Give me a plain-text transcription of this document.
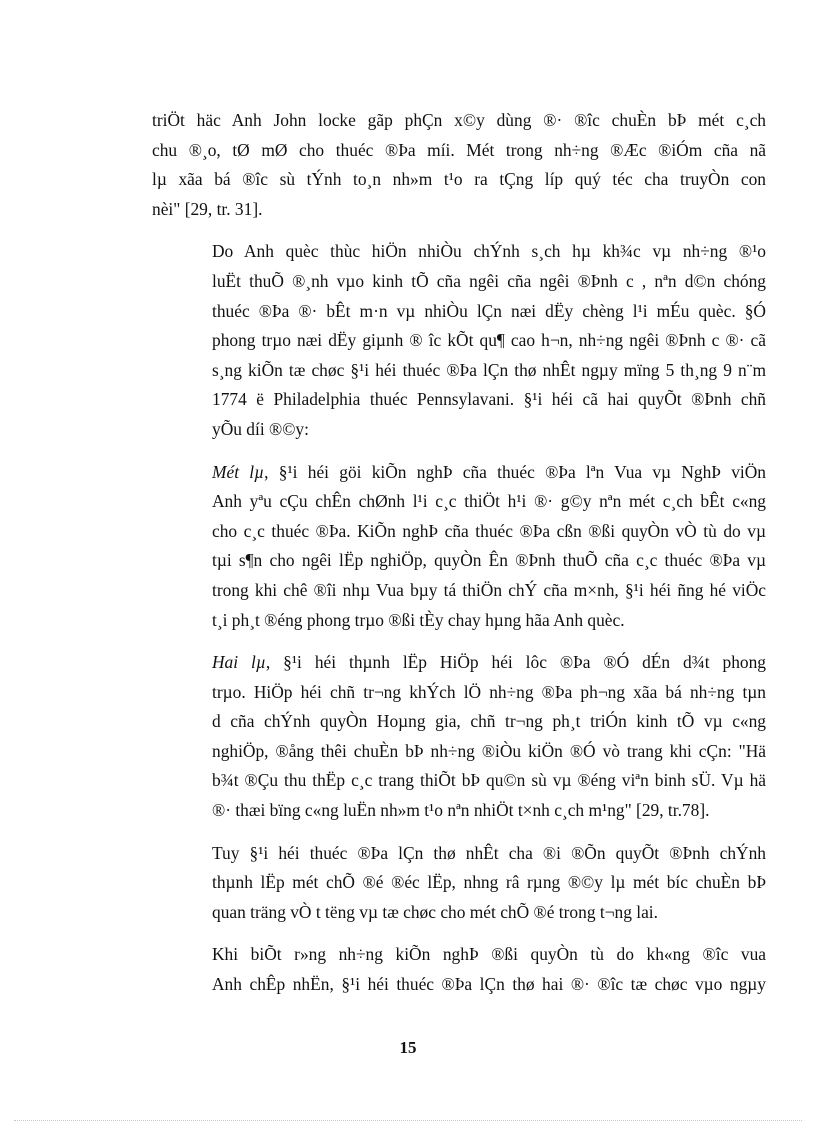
triÖt häc Anh John locke gãp phÇn x©y dùng ®· ®îc chuÈn bÞ mét c¸ch
chu ®¸o, tØ mØ cho thuéc ®Þa míi. Mét trong nh÷ng ®Æc ®iÓm cña nã
lµ xãa bá ®îc sù tÝnh to¸n nh»m t¹o ra tÇng líp quý téc cha truyÒn con
nèi" [29, tr. 31].

Do Anh quèc thùc hiÖn nhiÒu chÝnh s¸ch hµ kh¾c vµ nh÷ng ®¹o
luËt thuÕ ®¸nh vµo kinh tÕ cña ngêi cña ngêi ®Þnh c , nªn d©n chóng
thuéc ®Þa ®· bÊt m·n vµ nhiÒu lÇn næi dËy chèng l¹i mÉu quèc. §Ó
phong trµo næi dËy giµnh ® îc kÕt qu¶ cao h¬n, nh÷ng ngêi ®Þnh c ®· cã
s¸ng kiÕn tæ chøc §¹i héi thuéc ®Þa lÇn thø nhÊt ngµy mïng 5 th¸ng 9 n¨m
1774 ë Philadelphia thuéc Pennsylavani. §¹i héi cã hai quyÕt ®Þnh chñ
yÕu díi ®©y:

Mét lµ, §¹i héi göi kiÕn nghÞ cña thuéc ®Þa lªn Vua vµ NghÞ viÖn
Anh yªu cÇu chÊn chØnh l¹i c¸c thiÖt h¹i ®· g©y nªn mét c¸ch bÊt c«ng
cho c¸c thuéc ®Þa. KiÕn nghÞ cña thuéc ®Þa cßn ®ßi quyÒn vÒ tù do vµ
tµi s¶n cho ngêi lËp nghiÖp, quyÒn Ên ®Þnh thuÕ cña c¸c thuéc ®Þa vµ
trong khi chê ®îi nhµ Vua bµy tá thiÖn chÝ cña m×nh, §¹i héi ñng hé viÖc
t¸i ph¸t ®éng phong trµo ®ßi tÈy chay hµng hãa Anh quèc.

Hai lµ, §¹i héi thµnh lËp HiÖp héi lôc ®Þa ®Ó dÉn d¾t phong
trµo. HiÖp héi chñ tr¬ng khÝch lÖ nh÷ng ®Þa ph¬ng xãa bá nh÷ng tµn
d cña chÝnh quyÒn Hoµng gia, chñ tr¬ng ph¸t triÓn kinh tÕ vµ c«ng
nghiÖp, ®ång thêi chuÈn bÞ nh÷ng ®iÒu kiÖn ®Ó vò trang khi cÇn: "Hä
b¾t ®Çu thu thËp c¸c trang thiÕt bÞ qu©n sù vµ ®éng viªn binh sÜ. Vµ hä
®· thæi bïng c«ng luËn nh»m t¹o nªn nhiÖt t×nh c¸ch m¹ng" [29, tr.78].

Tuy §¹i héi thuéc ®Þa lÇn thø nhÊt cha ®i ®Õn quyÕt ®Þnh chÝnh
thµnh lËp mét chÕ ®é ®éc lËp, nhng râ rµng ®©y lµ mét bíc chuÈn bÞ
quan träng vÒ t tëng vµ tæ chøc cho mét chÕ ®é trong t¬ng lai.

Khi biÕt r»ng nh÷ng kiÕn nghÞ ®ßi quyÒn tù do kh«ng ®îc vua
Anh chÊp nhËn, §¹i héi thuéc ®Þa lÇn thø hai ®· ®îc tæ chøc vµo ngµy

15
